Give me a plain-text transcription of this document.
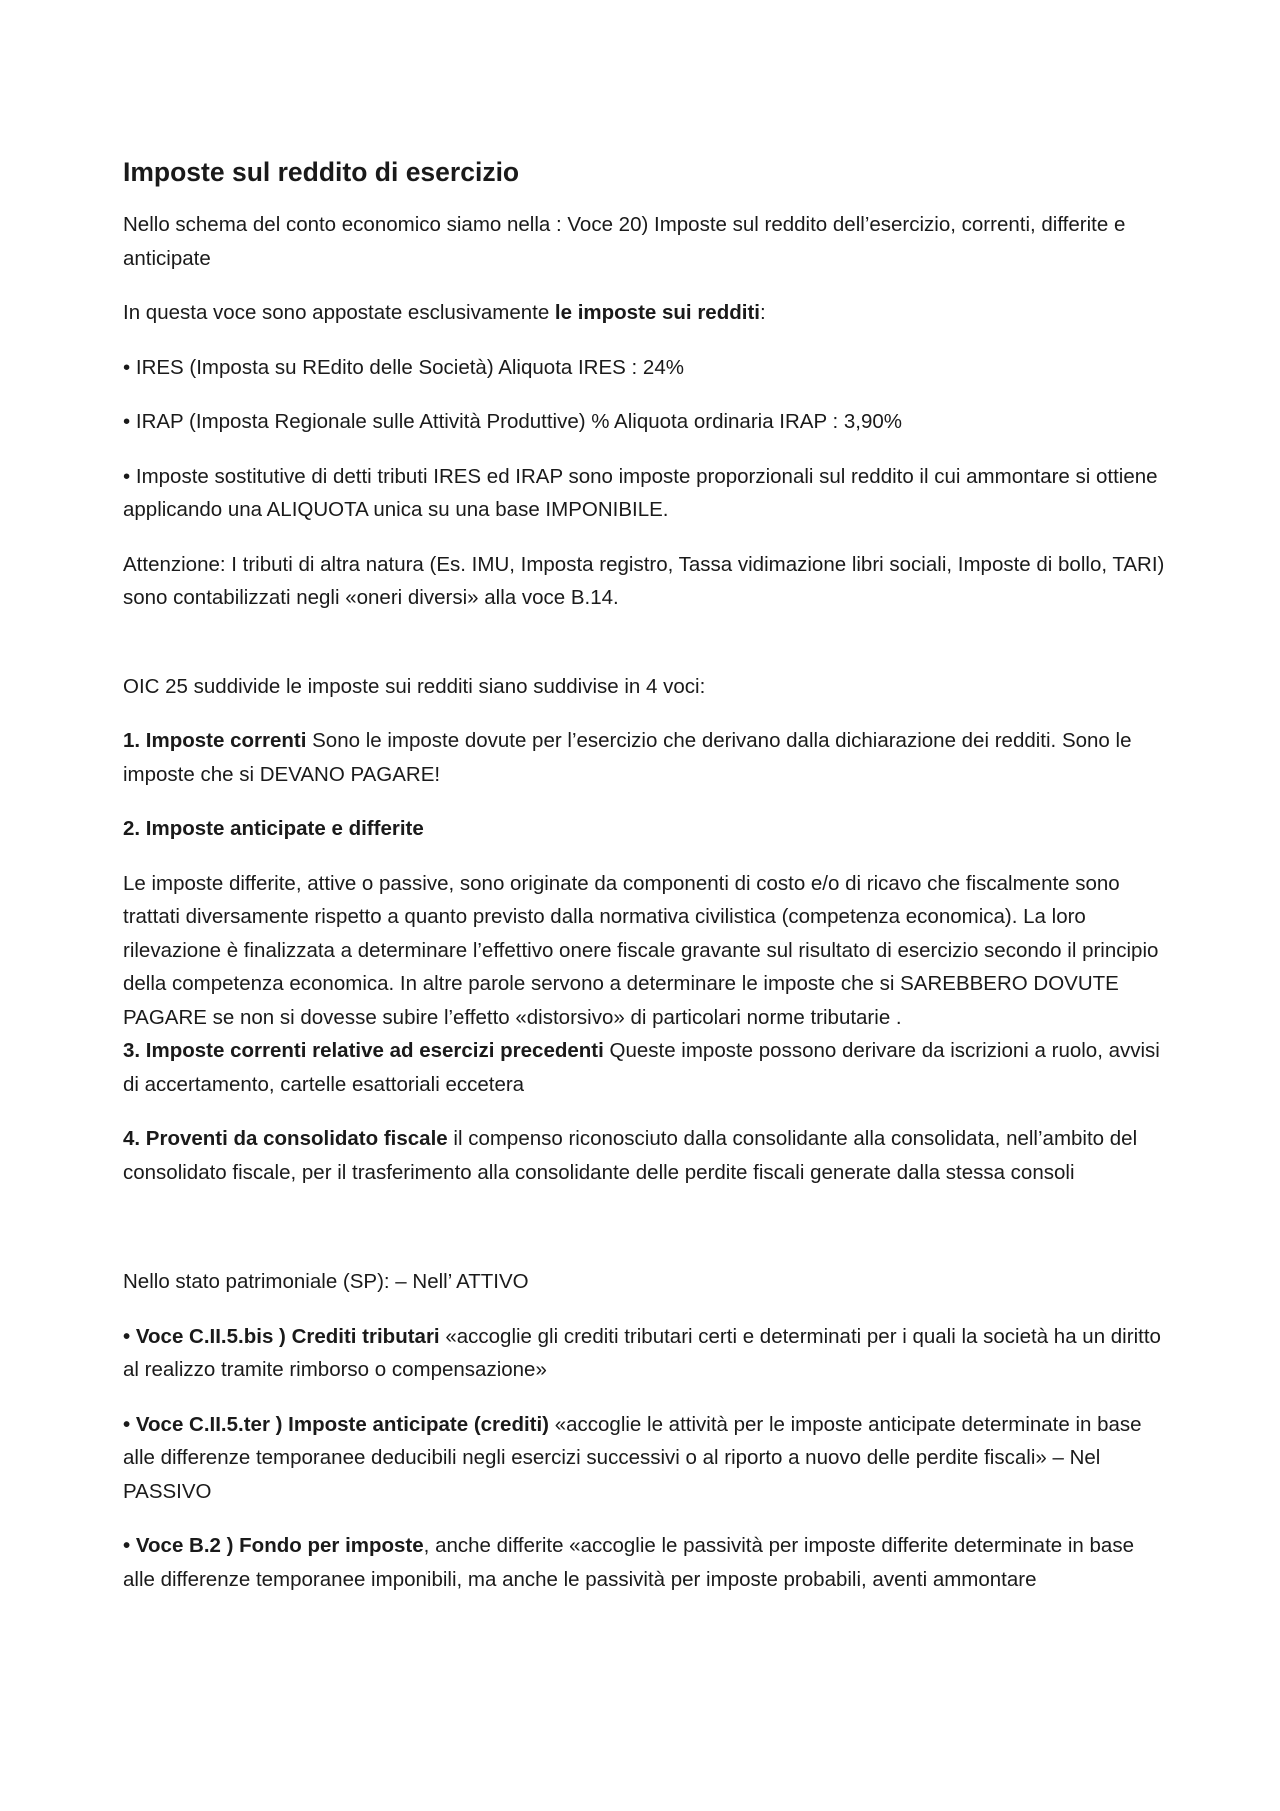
Imposte sul reddito di esercizio

Nello schema del conto economico siamo nella : Voce 20) Imposte sul reddito dell’esercizio, correnti, differite e anticipate

In questa voce sono appostate esclusivamente le imposte sui redditi:

• IRES (Imposta su REdito delle Società) Aliquota IRES : 24%

• IRAP (Imposta Regionale sulle Attività Produttive) % Aliquota ordinaria IRAP : 3,90%

• Imposte sostitutive di detti tributi IRES ed IRAP sono imposte proporzionali sul reddito il cui ammontare si ottiene applicando una ALIQUOTA unica su una base IMPONIBILE.

Attenzione: I tributi di altra natura (Es. IMU, Imposta registro, Tassa vidimazione libri sociali, Imposte di bollo, TARI) sono contabilizzati negli «oneri diversi» alla voce B.14.

OIC 25 suddivide le imposte sui redditi siano suddivise in 4 voci:

1. Imposte correnti Sono le imposte dovute per l’esercizio che derivano dalla dichiarazione dei redditi. Sono le imposte che si DEVANO PAGARE!

2. Imposte anticipate e differite

Le imposte differite, attive o passive, sono originate da componenti di costo e/o di ricavo che fiscalmente sono trattati diversamente rispetto a quanto previsto dalla normativa civilistica (competenza economica). La loro rilevazione è finalizzata a determinare l’effettivo onere fiscale gravante sul risultato di esercizio secondo il principio della competenza economica. In altre parole servono a determinare le imposte che si SAREBBERO DOVUTE PAGARE se non si dovesse subire l’effetto «distorsivo» di particolari norme tributarie .

3. Imposte correnti relative ad esercizi precedenti Queste imposte possono derivare da iscrizioni a ruolo, avvisi di accertamento, cartelle esattoriali eccetera

4. Proventi da consolidato fiscale il compenso riconosciuto dalla consolidante alla consolidata, nell’ambito del consolidato fiscale, per il trasferimento alla consolidante delle perdite fiscali generate dalla stessa consoli

Nello stato patrimoniale (SP): – Nell’ ATTIVO

• Voce C.II.5.bis ) Crediti tributari «accoglie gli crediti tributari certi e determinati per i quali la società ha un diritto al realizzo tramite rimborso o compensazione»

• Voce C.II.5.ter ) Imposte anticipate (crediti) «accoglie le attività per le imposte anticipate determinate in base alle differenze temporanee deducibili negli esercizi successivi o al riporto a nuovo delle perdite fiscali» – Nel PASSIVO

• Voce B.2 ) Fondo per imposte, anche differite «accoglie le passività per imposte differite determinate in base alle differenze temporanee imponibili, ma anche le passività per imposte probabili, aventi ammontare
